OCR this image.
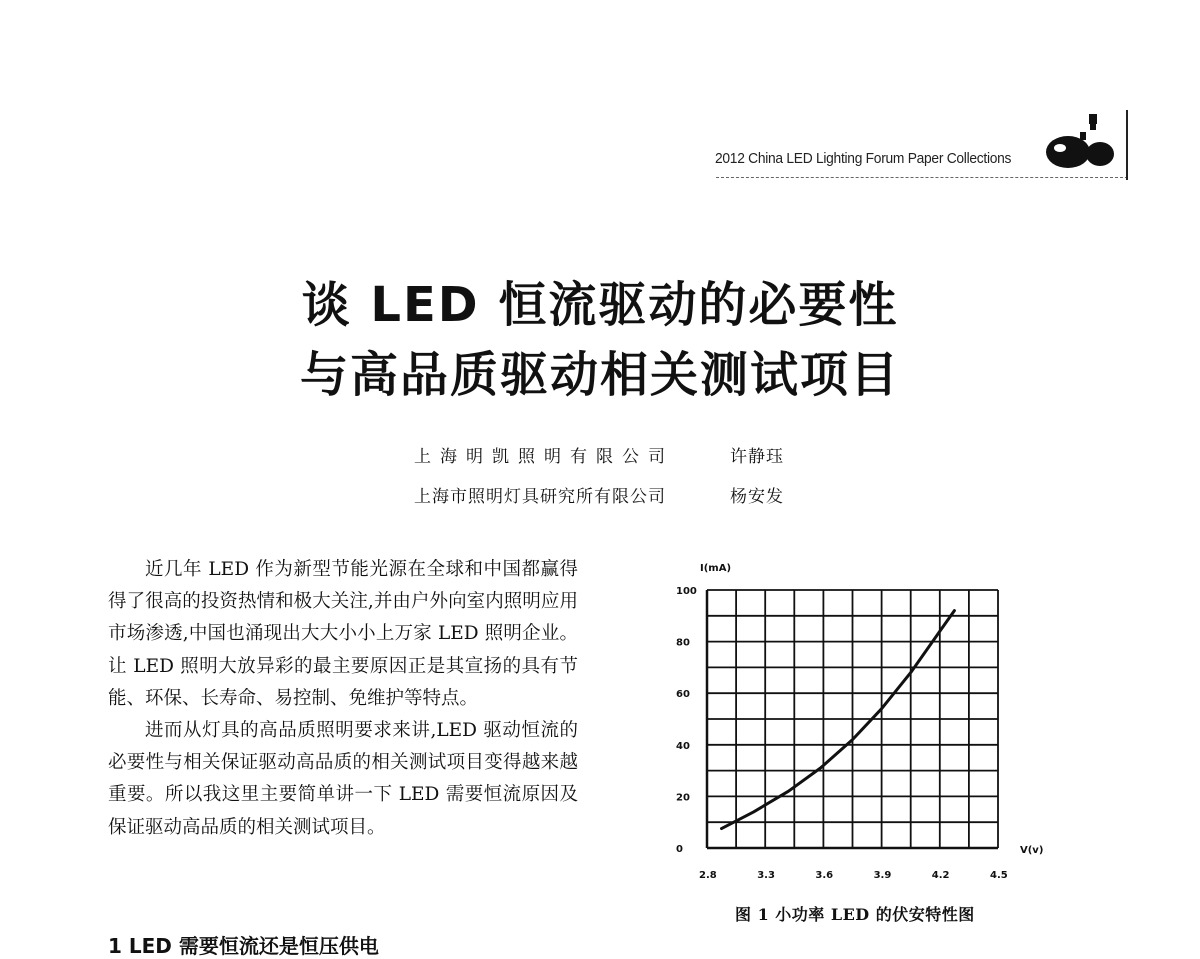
2012 China LED Lighting Forum Paper Collections
谈 LED 恒流驱动的必要性
与高品质驱动相关测试项目
上海明凯照明有限公司	许静珏
上海市照明灯具研究所有限公司	杨安发

近几年 LED 作为新型节能光源在全球和中国都赢得得了很高的投资热情和极大关注,并由户外向室内照明应用市场渗透,中国也涌现出大大小小上万家 LED 照明企业。让 LED 照明大放异彩的最主要原因正是其宣扬的具有节能、环保、长寿命、易控制、免维护等特点。

进而从灯具的高品质照明要求来讲,LED 驱动恒流的必要性与相关保证驱动高品质的相关测试项目变得越来越重要。所以我这里主要简单讲一下 LED 需要恒流原因及保证驱动高品质的相关测试项目。

1 LED 需要恒流还是恒压供电
100
80
60
40
20
0
2.8	3.3	3.6	3.9	4.2	4.5
I(mA)
V(v)
图 1 小功率 LED 的伏安特性图
